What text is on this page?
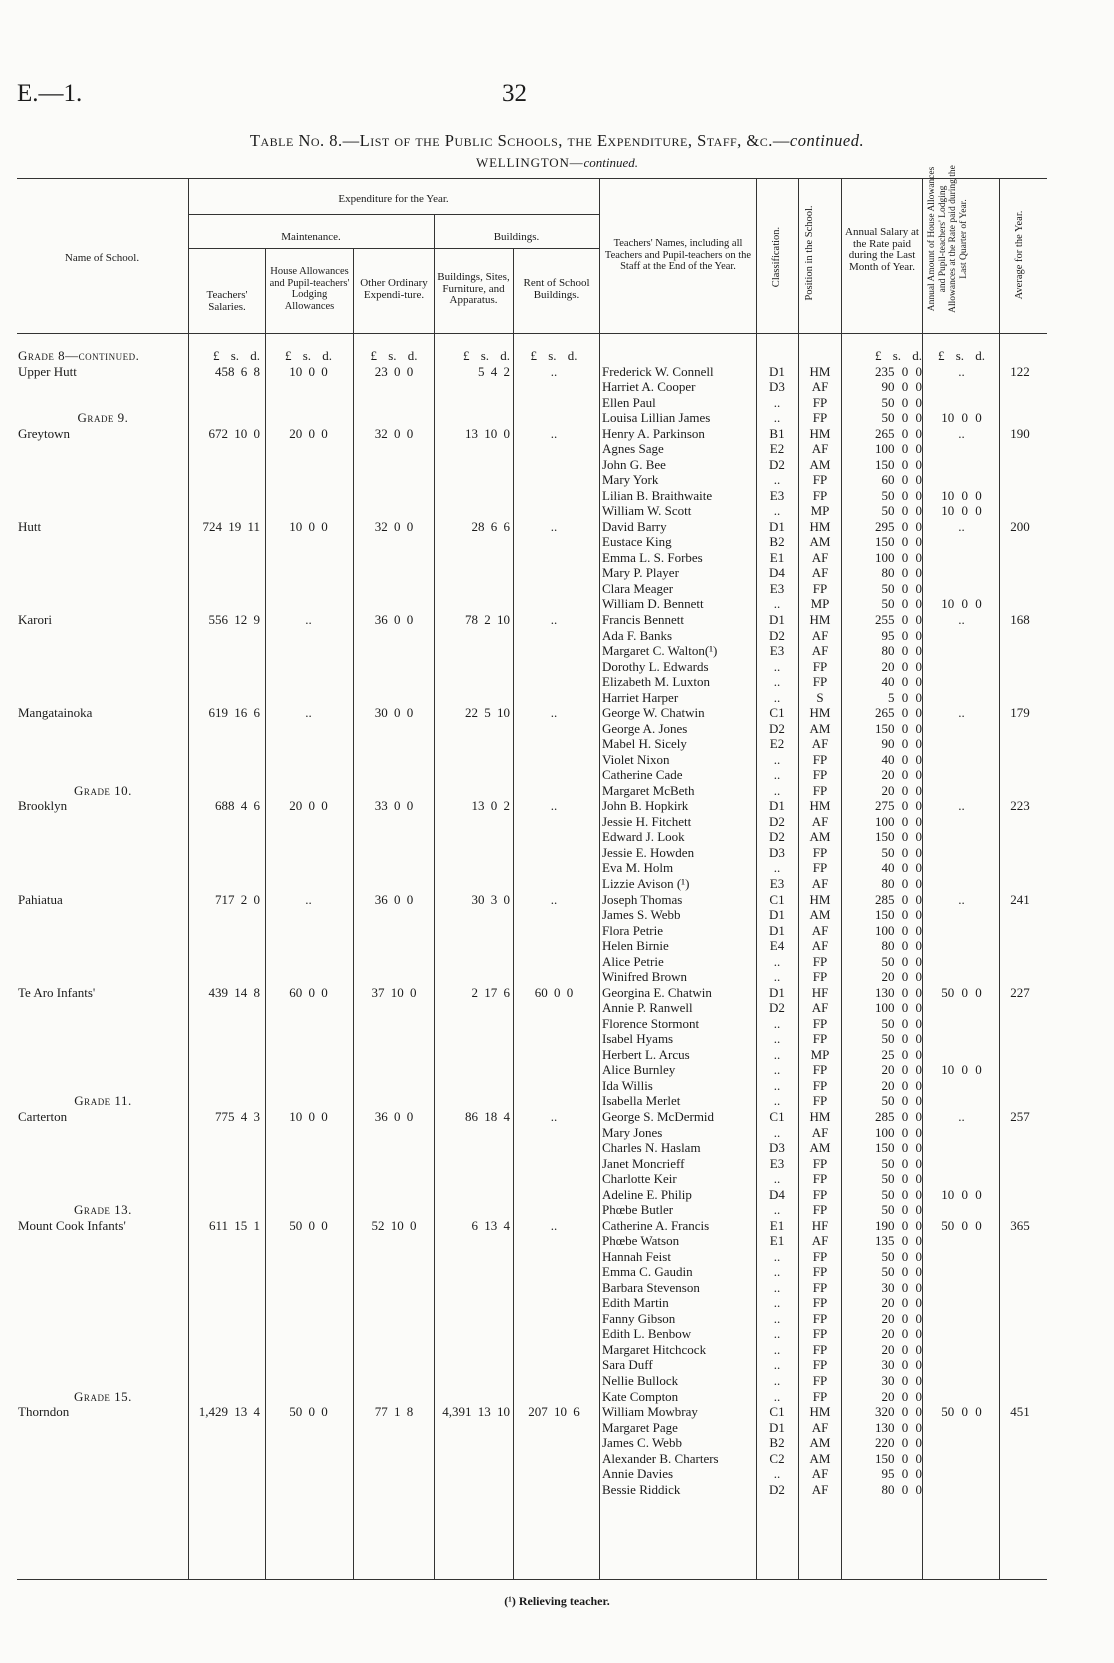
E.—1.	32
Table No. 8.—List of the Public Schools, the Expenditure, Staff, &c.—continued.
WELLINGTON—continued.
Name of School.
Expenditure for the Year.
Maintenance.	Buildings.
Teachers' Salaries.
House Allowances and Pupil-teachers' Lodging Allowances
Other Ordinary Expendi-ture.
Buildings, Sites, Furniture, and Apparatus.
Rent of School Buildings.
Teachers' Names, including all Teachers and Pupil-teachers on the Staff at the End of the Year.	Classification. Position in the School.	Annual Salary at the Rate paid during the Last Month of Year.	Annual Amount of House Allowances and Pupil-teachers' Lodging Allowances at the Rate paid during the Last Quarter of Year.	Average for the Year.
£ s. d.	£ s. d.	£ s. d.	£ s. d.	£ s. d.	£ s. d.	£ s. d.
Grade 8—continued.
Upper Hutt	458 6 8	10 0 0	23 0 0	5 4 2	..	Frederick W. Connell	D1	HM	235 0 0	..	122
Harriet A. Cooper	D3	AF	90 0 0
Ellen Paul	..	FP	50 0 0
Grade 9.	Louisa Lillian James	..	FP	50 0 0	10 0 0
Greytown	672 10 0	20 0 0	32 0 0	13 10 0	..	Henry A. Parkinson	B1	HM	265 0 0	..	190
Agnes Sage	E2	AF	100 0 0
John G. Bee	D2	AM	150 0 0
Mary York	..	FP	60 0 0
Lilian B. Braithwaite	E3	FP	50 0 0	10 0 0
William W. Scott	..	MP	50 0 0	10 0 0
Hutt	724 19 11	10 0 0	32 0 0	28 6 6	..	David Barry	D1	HM	295 0 0	..	200
Eustace King	B2	AM	150 0 0
Emma L. S. Forbes	E1	AF	100 0 0
Mary P. Player	D4	AF	80 0 0
Clara Meager	E3	FP	50 0 0
William D. Bennett	..	MP	50 0 0	10 0 0
Karori	556 12 9	..	36 0 0	78 2 10	..	Francis Bennett	D1	HM	255 0 0	..	168
Ada F. Banks	D2	AF	95 0 0
Margaret C. Walton(¹)	E3	AF	80 0 0
Dorothy L. Edwards	..	FP	20 0 0
Elizabeth M. Luxton	..	FP	40 0 0
Harriet Harper	..	S	5 0 0
Mangatainoka	619 16 6	..	30 0 0	22 5 10	..	George W. Chatwin	C1	HM	265 0 0	..	179
George A. Jones	D2	AM	150 0 0
Mabel H. Sicely	E2	AF	90 0 0
Violet Nixon	..	FP	40 0 0
Catherine Cade	..	FP	20 0 0
Grade 10.	Margaret McBeth	..	FP	20 0 0
Brooklyn	688 4 6	20 0 0	33 0 0	13 0 2	..	John B. Hopkirk	D1	HM	275 0 0	..	223
Jessie H. Fitchett	D2	AF	100 0 0
Edward J. Look	D2	AM	150 0 0
Jessie E. Howden	D3	FP	50 0 0
Eva M. Holm	..	FP	40 0 0
Lizzie Avison (¹)	E3	AF	80 0 0
Pahiatua	717 2 0	..	36 0 0	30 3 0	..	Joseph Thomas	C1	HM	285 0 0	..	241
James S. Webb	D1	AM	150 0 0
Flora Petrie	D1	AF	100 0 0
Helen Birnie	E4	AF	80 0 0
Alice Petrie	..	FP	50 0 0
Winifred Brown	..	FP	20 0 0
Te Aro Infants'	439 14 8	60 0 0	37 10 0	2 17 6	60 0 0	Georgina E. Chatwin	D1	HF	130 0 0	50 0 0	227
Annie P. Ranwell	D2	AF	100 0 0
Florence Stormont	..	FP	50 0 0
Isabel Hyams	..	FP	50 0 0
Herbert L. Arcus	..	MP	25 0 0
Alice Burnley	..	FP	20 0 0	10 0 0
Ida Willis	..	FP	20 0 0
Grade 11.	Isabella Merlet	..	FP	50 0 0
Carterton	775 4 3	10 0 0	36 0 0	86 18 4	..	George S. McDermid	C1	HM	285 0 0	..	257
Mary Jones	..	AF	100 0 0
Charles N. Haslam	D3	AM	150 0 0
Janet Moncrieff	E3	FP	50 0 0
Charlotte Keir	..	FP	50 0 0
Adeline E. Philip	D4	FP	50 0 0	10 0 0
Grade 13.	Phœbe Butler	..	FP	50 0 0
Mount Cook Infants'	611 15 1	50 0 0	52 10 0	6 13 4	..	Catherine A. Francis	E1	HF	190 0 0	50 0 0	365
Phœbe Watson	E1	AF	135 0 0
Hannah Feist	..	FP	50 0 0
Emma C. Gaudin	..	FP	50 0 0
Barbara Stevenson	..	FP	30 0 0
Edith Martin	..	FP	20 0 0
Fanny Gibson	..	FP	20 0 0
Edith L. Benbow	..	FP	20 0 0
Margaret Hitchcock	..	FP	20 0 0
Sara Duff	..	FP	30 0 0
Nellie Bullock	..	FP	30 0 0
Grade 15.	Kate Compton	..	FP	20 0 0
Thorndon	1,429 13 4	50 0 0	77 1 8	4,391 13 10	207 10 6	William Mowbray	C1	HM	320 0 0	50 0 0	451
Margaret Page	D1	AF	130 0 0
James C. Webb	B2	AM	220 0 0
Alexander B. Charters	C2	AM	150 0 0
Annie Davies	..	AF	95 0 0
Bessie Riddick	D2	AF	80 0 0
(¹) Relieving teacher.
